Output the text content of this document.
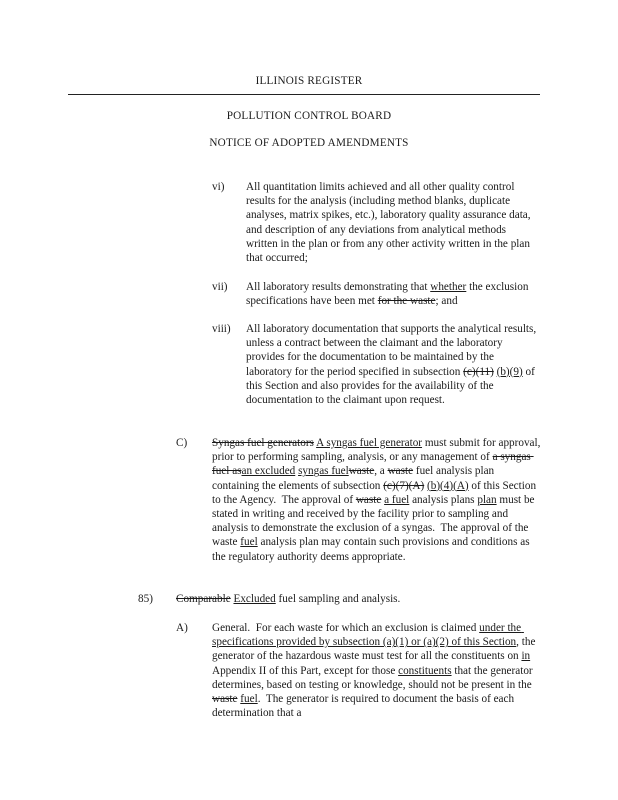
ILLINOIS REGISTER
POLLUTION CONTROL BOARD
NOTICE OF ADOPTED AMENDMENTS
vi) All quantitation limits achieved and all other quality control results for the analysis (including method blanks, duplicate analyses, matrix spikes, etc.), laboratory quality assurance data, and description of any deviations from analytical methods written in the plan or from any other activity written in the plan that occurred;
vii) All laboratory results demonstrating that whether the exclusion specifications have been met for the waste; and
viii) All laboratory documentation that supports the analytical results, unless a contract between the claimant and the laboratory provides for the documentation to be maintained by the laboratory for the period specified in subsection (c)(11) (b)(9) of this Section and also provides for the availability of the documentation to the claimant upon request.
C) Syngas fuel generators A syngas fuel generator must submit for approval, prior to performing sampling, analysis, or any management of a syngas fuel asan excluded syngas fuelwaste, a waste fuel analysis plan containing the elements of subsection (c)(7)(A) (b)(4)(A) of this Section to the Agency.  The approval of waste a fuel analysis plans plan must be stated in writing and received by the facility prior to sampling and analysis to demonstrate the exclusion of a syngas.  The approval of the waste fuel analysis plan may contain such provisions and conditions as the regulatory authority deems appropriate.
85) Comparable Excluded fuel sampling and analysis.
A) General.  For each waste for which an exclusion is claimed under the specifications provided by subsection (a)(1) or (a)(2) of this Section, the generator of the hazardous waste must test for all the constituents on in Appendix II of this Part, except for those constituents that the generator determines, based on testing or knowledge, should not be present in the waste fuel.  The generator is required to document the basis of each determination that a
